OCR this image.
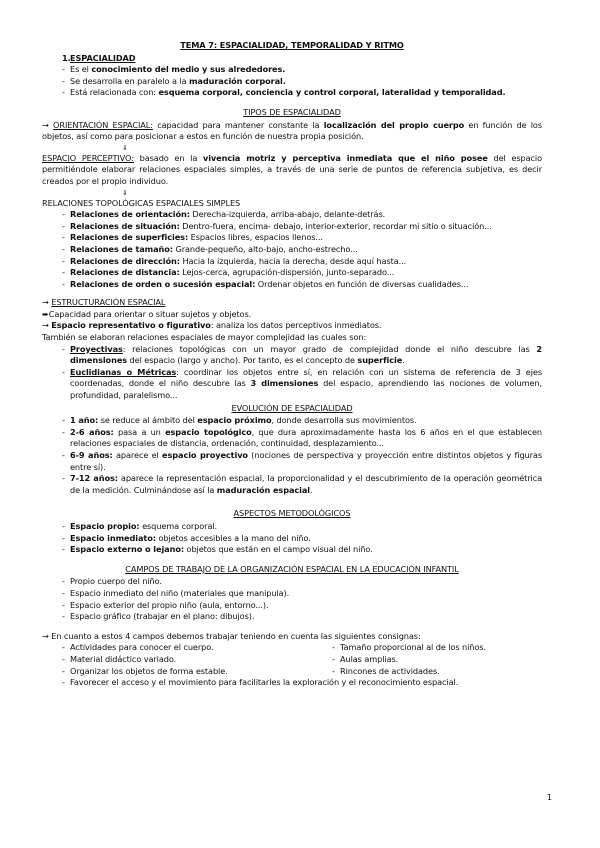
TEMA 7: ESPACIALIDAD, TEMPORALIDAD Y RITMO

1. ESPACIALIDAD
- Es el conocimiento del medio y sus alrededores.
- Se desarrolla en paralelo a la maduración corporal.
- Está relacionada con: esquema corporal, conciencia y control corporal, lateralidad y temporalidad.

TIPOS DE ESPACIALIDAD

→ ORIENTACIÓN ESPACIAL: capacidad para mantener constante la localización del propio cuerpo en función de los objetos, así como para posicionar a estos en función de nuestra propia posición.

⇓

ESPACIO PERCEPTIVO: basado en la vivencia motriz y perceptiva inmediata que el niño posee del espacio permitiéndole elaborar relaciones espaciales simples, a través de una serie de puntos de referencia subjetiva, es decir creados por el propio individuo.

⇓

RELACIONES TOPOLÓGICAS ESPACIALES SIMPLES

- Relaciones de orientación: Derecha-izquierda, arriba-abajo, delante-detrás.
- Relaciones de situación: Dentro-fuera, encima- debajo, interior-exterior, recordar mi sitio o situación...
- Relaciones de superficies: Espacios libres, espacios llenos...
- Relaciones de tamaño: Grande-pequeño, alto-bajo, ancho-estrecho...
- Relaciones de dirección: Hacia la izquierda, hacia la derecha, desde aquí hasta...
- Relaciones de distancia: Lejos-cerca, agrupación-dispersión, junto-separado...
- Relaciones de orden o sucesión espacial: Ordenar objetos en función de diversas cualidades...

→ ESTRUCTURACIÓN ESPACIAL

➨Capacidad para orientar o situar sujetos y objetos.

→ Espacio representativo o figurativo: analiza los datos perceptivos inmediatos.

También se elaboran relaciones espaciales de mayor complejidad las cuales son:

- Proyectivas: relaciones topológicas con un mayor grado de complejidad donde el niño descubre las 2 dimensiones del espacio (largo y ancho). Por tanto, es el concepto de superficie.
- Euclidianas o Métricas: coordinar los objetos entre sí, en relación con un sistema de referencia de 3 ejes coordenadas, donde el niño descubre las 3 dimensiones del espacio, aprendiendo las nociones de volumen, profundidad, paralelismo...

EVOLUCIÓN DE ESPACIALIDAD

- 1 año: se reduce al ámbito del espacio próximo, donde desarrolla sus movimientos.
- 2-6 años: pasa a un espacio topológico, que dura aproximadamente hasta los 6 años en el que establecen relaciones espaciales de distancia, ordenación, continuidad, desplazamiento...
- 6-9 años: aparece el espacio proyectivo (nociones de perspectiva y proyección entre distintos objetos y figuras entre sí).
- 7-12 años: aparece la representación espacial, la proporcionalidad y el descubrimiento de la operación geométrica de la medición. Culminándose así la maduración espacial.

ASPECTOS METODOLÓGICOS

- Espacio propio: esquema corporal.
- Espacio inmediato: objetos accesibles a la mano del niño.
- Espacio externo o lejano: objetos que están en el campo visual del niño.

CAMPOS DE TRABAJO DE LA ORGANIZACIÓN ESPACIAL EN LA EDUCACIÓN INFANTIL

- Propio cuerpo del niño.
- Espacio inmediato del niño (materiales que manipula).
- Espacio exterior del propio niño (aula, entorno...).
- Espacio gráfico (trabajar en el plano: dibujos).

→ En cuanto a estos 4 campos debemos trabajar teniendo en cuenta las siguientes consignas:

- Actividades para conocer el cuerpo.
- Material didáctico variado.
- Organizar los objetos de forma estable.
- Tamaño proporcional al de los niños.
- Aulas amplias.
- Rincones de actividades.
- Favorecer el acceso y el movimiento para facilitarles la exploración y el reconocimiento espacial.
1
